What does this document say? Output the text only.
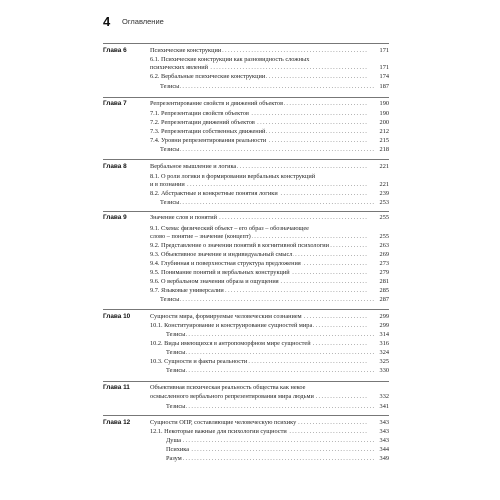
4 Оглавление
Глава 6 . .	Психические конструкции	171
6.1. Психические конструкции как разновидность сложных
. .
психических явлений	171
. .
6.2. Вербальные психические конструкции	174
. .
Тезисы	187
Глава 7 . .	Репрезентирование свойств и движений объектов	190
. .
7.1. Репрезентации свойств объектов	190
. .
7.2. Репрезентации движений объектов	200
. .
7.3. Репрезентации собственных движений	212
. .
7.4. Уровни репрезентирования реальности	215
. .
Тезисы	218
Глава 8 . .	Вербальное мышление и логика	221
8.1. О роли логики в формировании вербальных конструкций
. .
и в познании	221
. .
8.2. Абстрактные и конкретные понятия логики	239
. .
Тезисы	253
Глава 9 . .	Значение слов и понятий	255
9.1. Схема: физический объект – его образ – обозначающее
. .
слово – понятие – значение (концепт)	255
. .
9.2. Представление о значении понятий в когнитивной психологии	263
. .
9.3. Объективное значение и индивидуальный смысл	269
. .
9.4. Глубинная и поверхностная структура предложения	273
. .
9.5. Понимание понятий и вербальных конструкций	279
. .
9.6. О вербальном значении образа и ощущения	281
. .
9.7. Языковые универсалии	285
. .
Тезисы	287
Глава 10 . .	Сущности мира, формируемые человеческим сознанием	299
. .
10.1. Конституирование и конструирование сущностей мира	299
. .
Тезисы	314
. .
10.2. Виды имеющихся в антропоморфном мире сущностей	316
. .
Тезисы	324
. .
10.3. Сущности и факты реальности	325
. .
Тезисы	330
Глава 11	Объективная психическая реальность общества как некое
. .
осмысленного вербального репрезентирования мира людьми	332
. .
Тезисы	341
Глава 12 . .	Сущности ОПР, составляющие человеческую психику	343
. .
12.1. Некоторые важные для психологии сущности	343
. .
Душа	343
. .
Психика	344
. .
Разум	349
